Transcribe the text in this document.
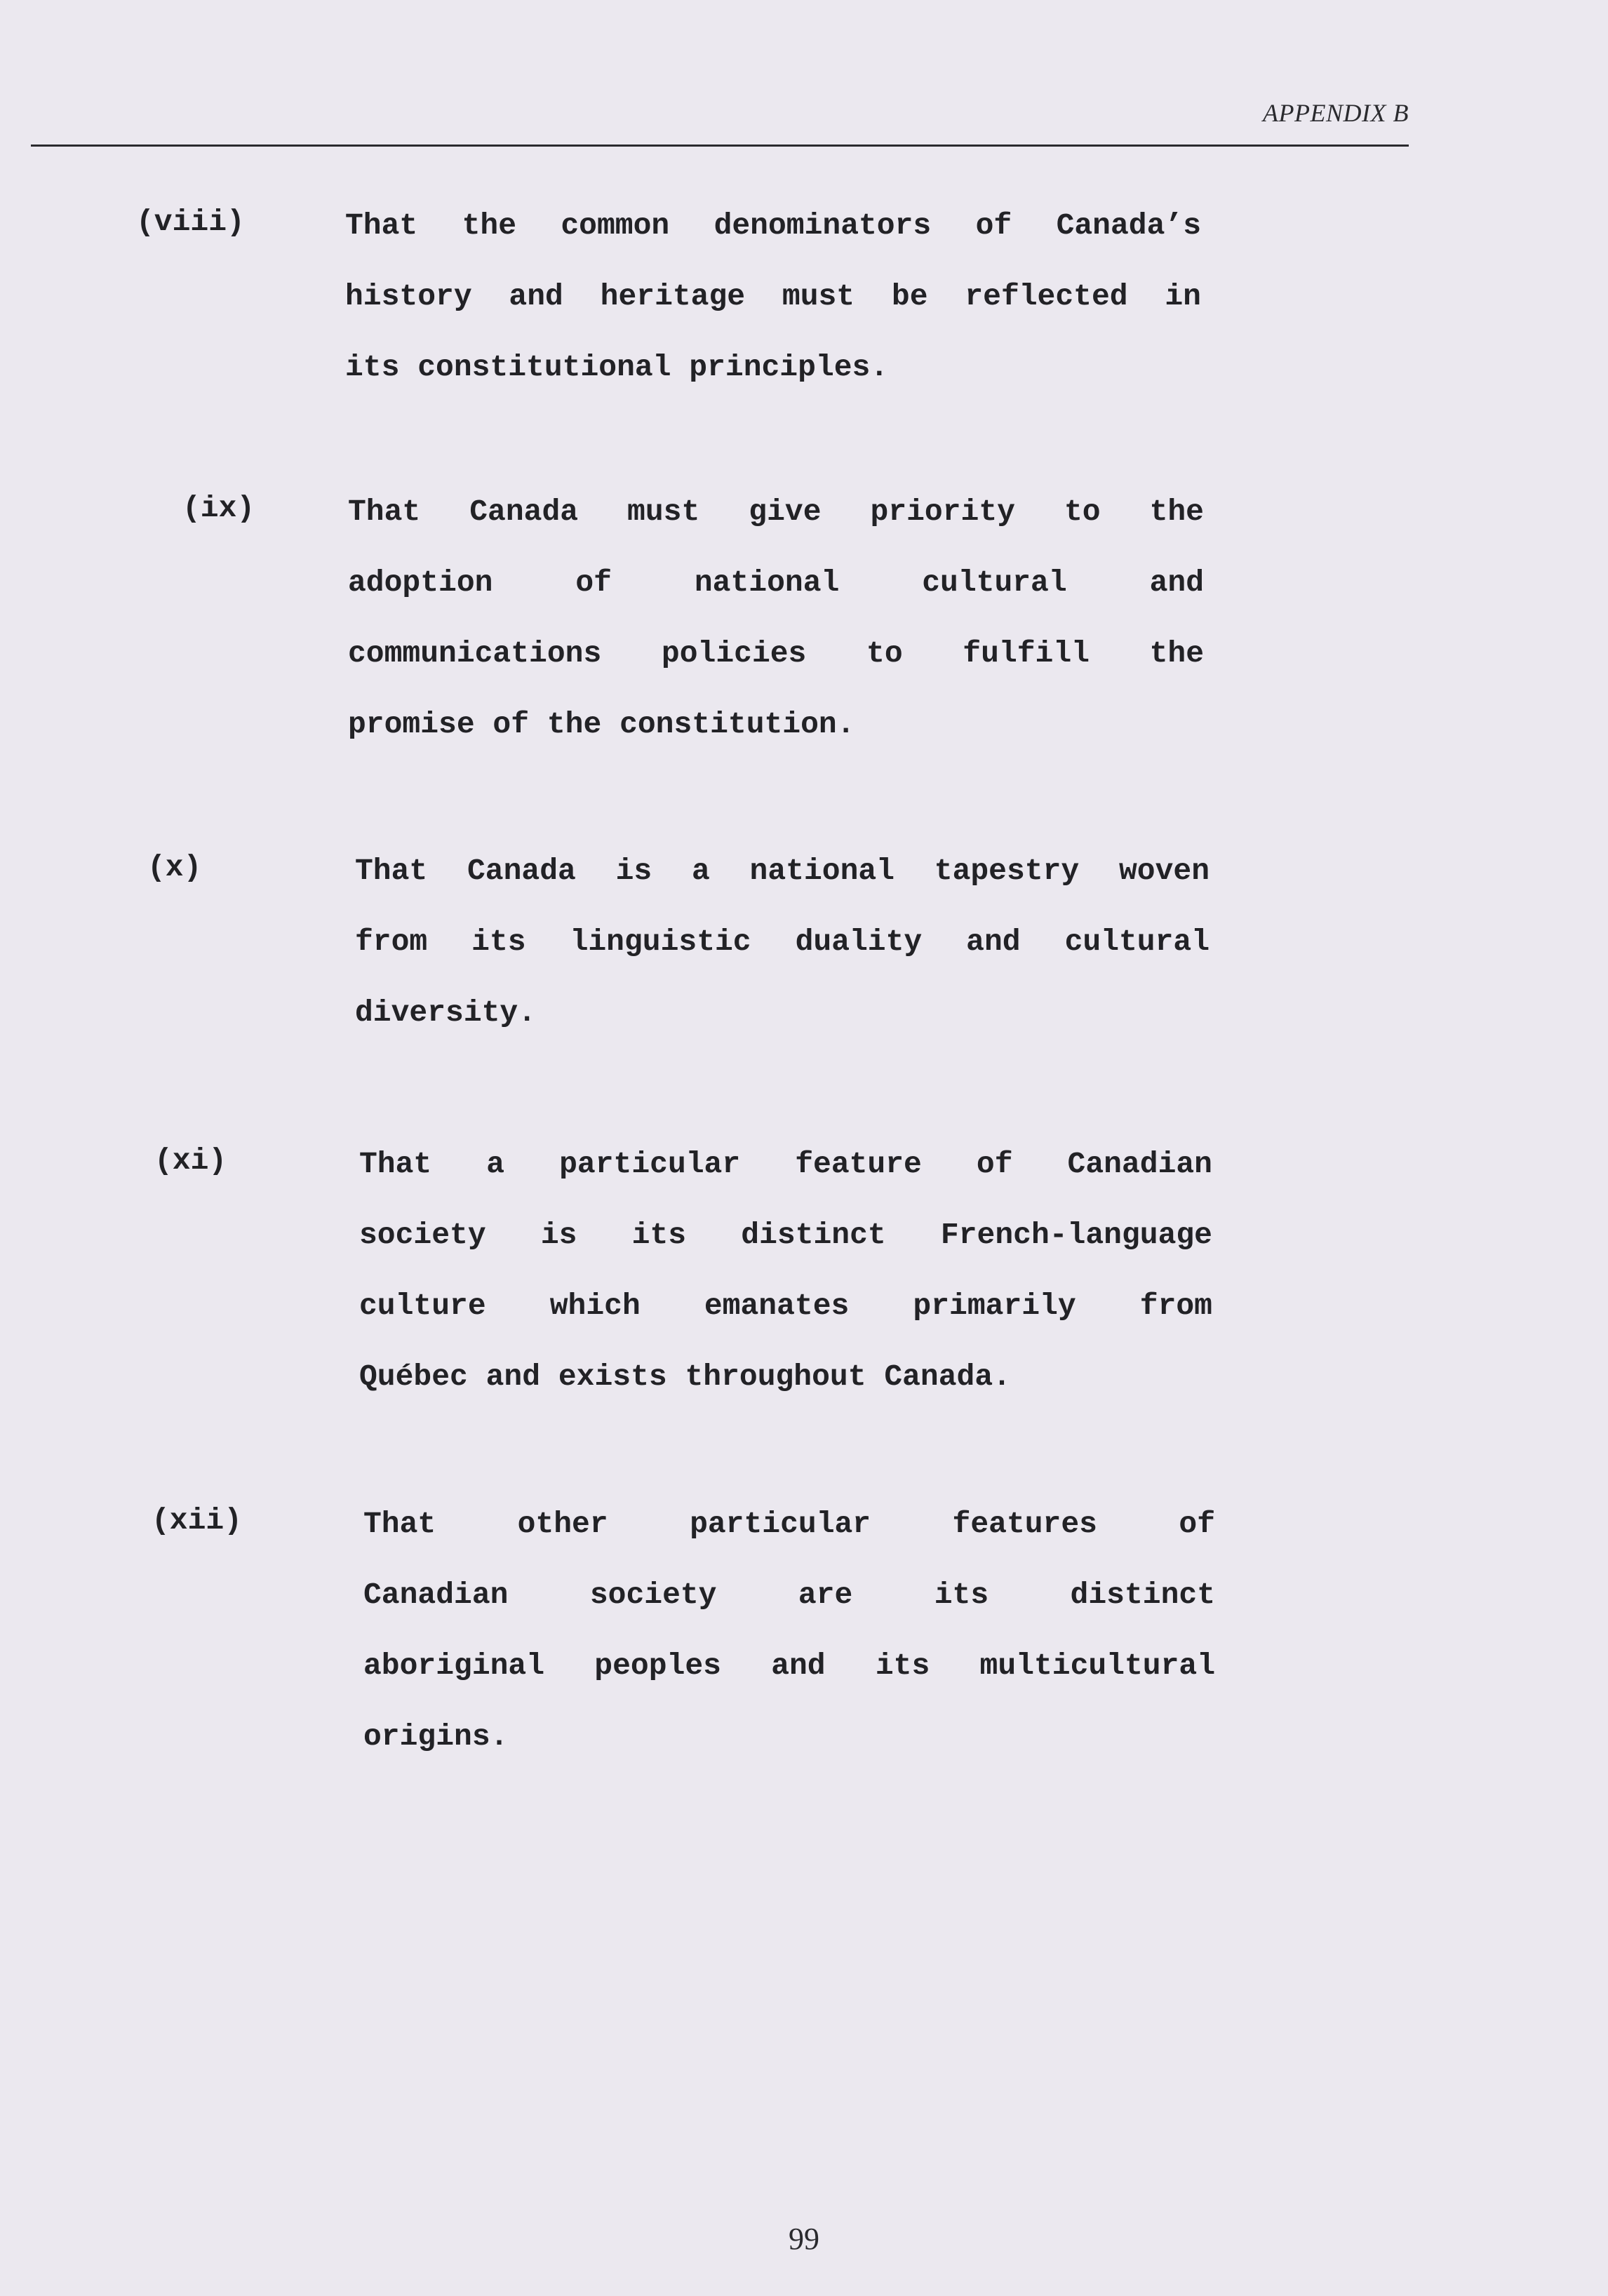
APPENDIX B
(viii)	That the common denominators of Canada’s
history and heritage must be reflected in
its constitutional principles.
(ix)	That Canada must give priority to the
adoption of national cultural and
communications policies to fulfill the
promise of the constitution.
(x)	That Canada is a national tapestry woven
from its linguistic duality and cultural
diversity.
(xi)	That a particular feature of Canadian
society is its distinct French-language
culture which emanates primarily from
Québec and exists throughout Canada.
(xii)	That other particular features of
Canadian society are its distinct
aboriginal peoples and its multicultural
origins.
99
